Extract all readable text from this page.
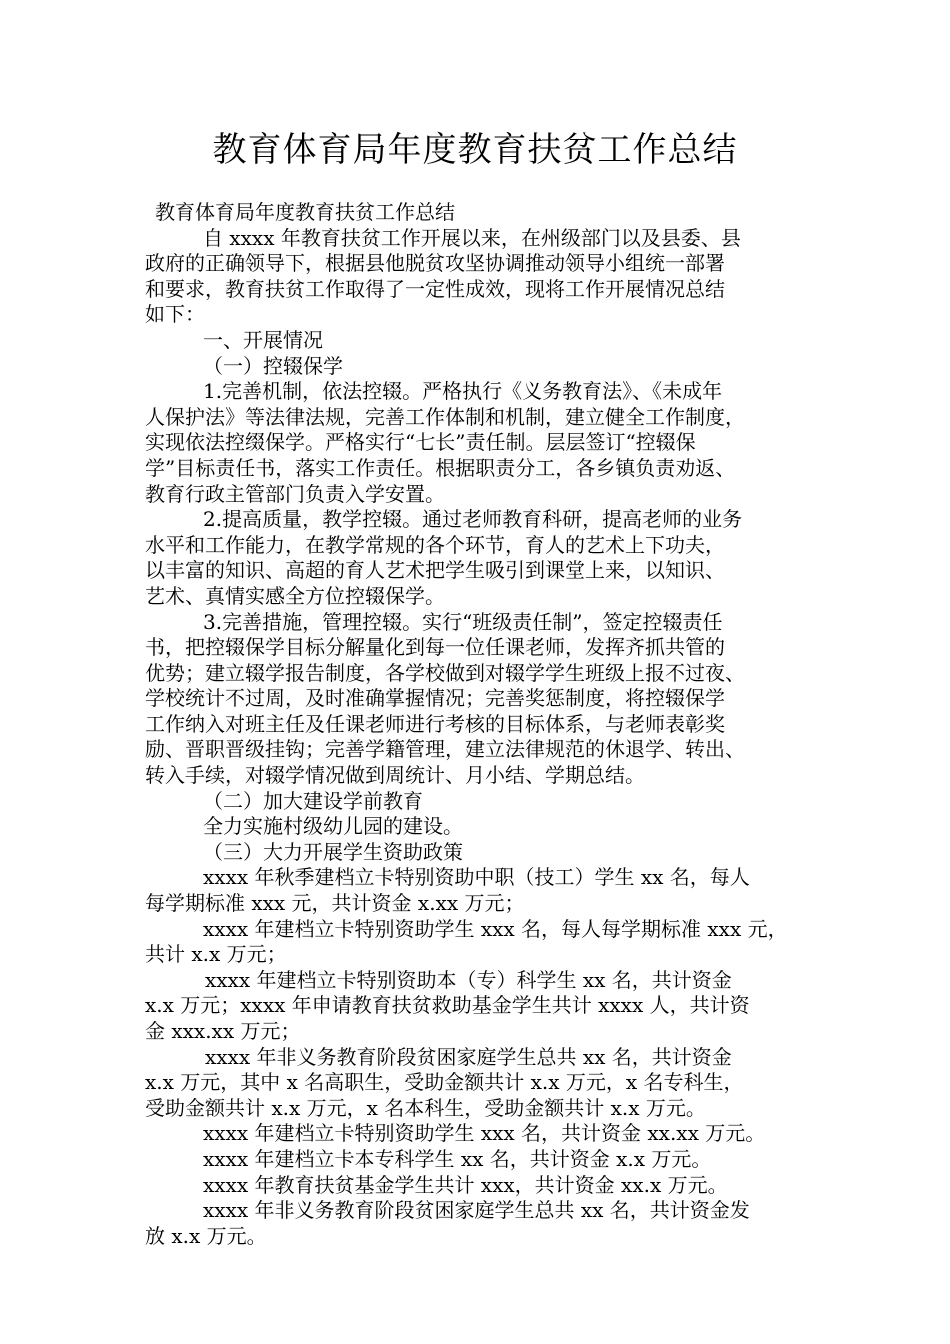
教育体育局年度教育扶贫工作总结
教育体育局年度教育扶贫工作总结
自 xxxx 年教育扶贫工作开展以来，在州级部门以及县委、县
政府的正确领导下，根据县他脱贫攻坚协调推动领导小组统一部署
和要求，教育扶贫工作取得了一定性成效，现将工作开展情况总结
如下：
一、开展情况
（一）控辍保学
1.完善机制，依法控辍。严格执行《义务教育法》、《未成年
人保护法》等法律法规，完善工作体制和机制，建立健全工作制度，
实现依法控缀保学。严格实行“七长”责任制。层层签订“控辍保
学”目标责任书，落实工作责任。根据职责分工，各乡镇负责劝返、
教育行政主管部门负责入学安置。
2.提高质量，教学控辍。通过老师教育科研，提高老师的业务
水平和工作能力，在教学常规的各个环节，育人的艺术上下功夫，
以丰富的知识、高超的育人艺术把学生吸引到课堂上来，以知识、
艺术、真情实感全方位控辍保学。
3.完善措施，管理控辍。实行“班级责任制”，签定控辍责任
书，把控辍保学目标分解量化到每一位任课老师，发挥齐抓共管的
优势；建立辍学报告制度，各学校做到对辍学学生班级上报不过夜、
学校统计不过周，及时准确掌握情况；完善奖惩制度，将控辍保学
工作纳入对班主任及任课老师进行考核的目标体系，与老师表彰奖
励、晋职晋级挂钩；完善学籍管理，建立法律规范的休退学、转出、
转入手续，对辍学情况做到周统计、月小结、学期总结。
（二）加大建设学前教育
全力实施村级幼儿园的建设。
（三）大力开展学生资助政策
xxxx 年秋季建档立卡特别资助中职（技工）学生 xx 名，每人
每学期标准 xxx 元，共计资金 x.xx 万元；
xxxx 年建档立卡特别资助学生 xxx 名，每人每学期标准 xxx 元，
共计 x.x 万元；
xxxx 年建档立卡特别资助本（专）科学生 xx 名，共计资金
x.x 万元；xxxx 年申请教育扶贫救助基金学生共计 xxxx 人，共计资
金 xxx.xx 万元；
xxxx 年非义务教育阶段贫困家庭学生总共 xx 名，共计资金
x.x 万元，其中 x 名高职生，受助金额共计 x.x 万元，x 名专科生，
受助金额共计 x.x 万元，x 名本科生，受助金额共计 x.x 万元。
xxxx 年建档立卡特别资助学生 xxx 名，共计资金 xx.xx 万元。
xxxx 年建档立卡本专科学生 xx 名，共计资金 x.x 万元。
xxxx 年教育扶贫基金学生共计 xxx，共计资金 xx.x 万元。
xxxx 年非义务教育阶段贫困家庭学生总共 xx 名，共计资金发
放 x.x 万元。
